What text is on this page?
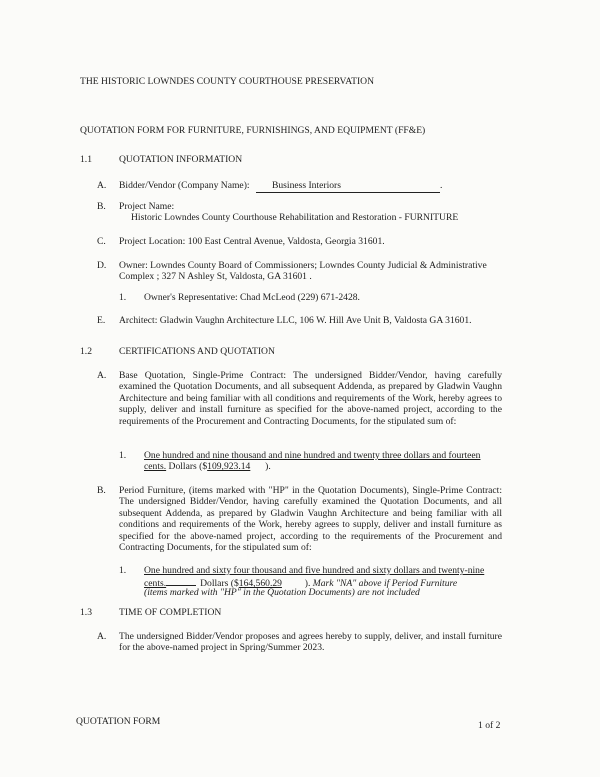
THE HISTORIC LOWNDES COUNTY COURTHOUSE PRESERVATION
QUOTATION FORM FOR FURNITURE, FURNISHINGS, AND EQUIPMENT (FF&E)
1.1	QUOTATION INFORMATION
A. Bidder/Vendor (Company Name): Business Interiors	.
B. Project Name:
Historic Lowndes County Courthouse Rehabilitation and Restoration - FURNITURE
C. Project Location: 100 East Central Avenue, Valdosta, Georgia 31601.
D. Owner: Lowndes County Board of Commissioners; Lowndes County Judicial & Administrative
Complex ; 327 N Ashley St, Valdosta, GA 31601 .
1. Owner's Representative: Chad McLeod (229) 671-2428.
E. Architect: Gladwin Vaughn Architecture LLC, 106 W. Hill Ave Unit B, Valdosta GA 31601.
1.2	CERTIFICATIONS AND QUOTATION
A. Base Quotation, Single-Prime Contract: The undersigned Bidder/Vendor, having carefully examined the Quotation Documents, and all subsequent Addenda, as prepared by Gladwin Vaughn Architecture and being familiar with all conditions and requirements of the Work, hereby agrees to supply, deliver and install furniture as specified for the above-named project, according to the requirements of the Procurement and Contracting Documents, for the stipulated sum of:
1. One hundred and nine thousand and nine hundred and twenty three dollars and fourteen
cents. Dollars ($109,923.14 ).
B. Period Furniture, (items marked with "HP" in the Quotation Documents), Single-Prime Contract: The undersigned Bidder/Vendor, having carefully examined the Quotation Documents, and all subsequent Addenda, as prepared by Gladwin Vaughn Architecture and being familiar with all conditions and requirements of the Work, hereby agrees to supply, deliver and install furniture as specified for the above-named project, according to the requirements of the Procurement and Contracting Documents, for the stipulated sum of:
1. One hundred and sixty four thousand and five hundred and sixty dollars and twenty-nine
cents.	Dollars ($164,560.29 ). Mark "NA" above if Period Furniture
(items marked with "HP" in the Quotation Documents) are not included
1.3	TIME OF COMPLETION
A. The undersigned Bidder/Vendor proposes and agrees hereby to supply, deliver, and install furniture for the above-named project in Spring/Summer 2023.
QUOTATION FORM	1 of 2
